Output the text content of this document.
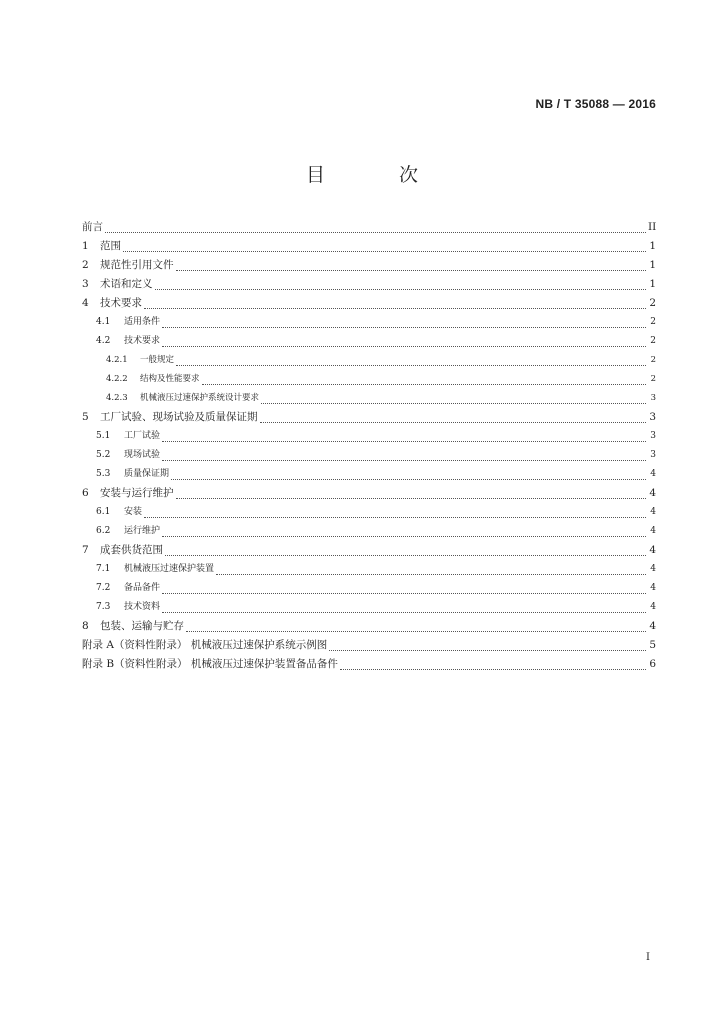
NB / T 35088 — 2016
目 次
前言	II
1	范围	1
2	规范性引用文件	1
3	术语和定义	1
4	技术要求	2
4.1	适用条件	2
4.2	技术要求	2
4.2.1	一般规定	2
4.2.2	结构及性能要求	2
4.2.3	机械液压过速保护系统设计要求	3
5	工厂试验、现场试验及质量保证期	3
5.1	工厂试验	3
5.2	现场试验	3
5.3	质量保证期	4
6	安装与运行维护	4
6.1	安装	4
6.2	运行维护	4
7	成套供货范围	4
7.1	机械液压过速保护装置	4
7.2	备品备件	4
7.3	技术资料	4
8	包装、运输与贮存	4
附录 A（资料性附录） 机械液压过速保护系统示例图	5
附录 B（资料性附录） 机械液压过速保护装置备品备件	6
I
